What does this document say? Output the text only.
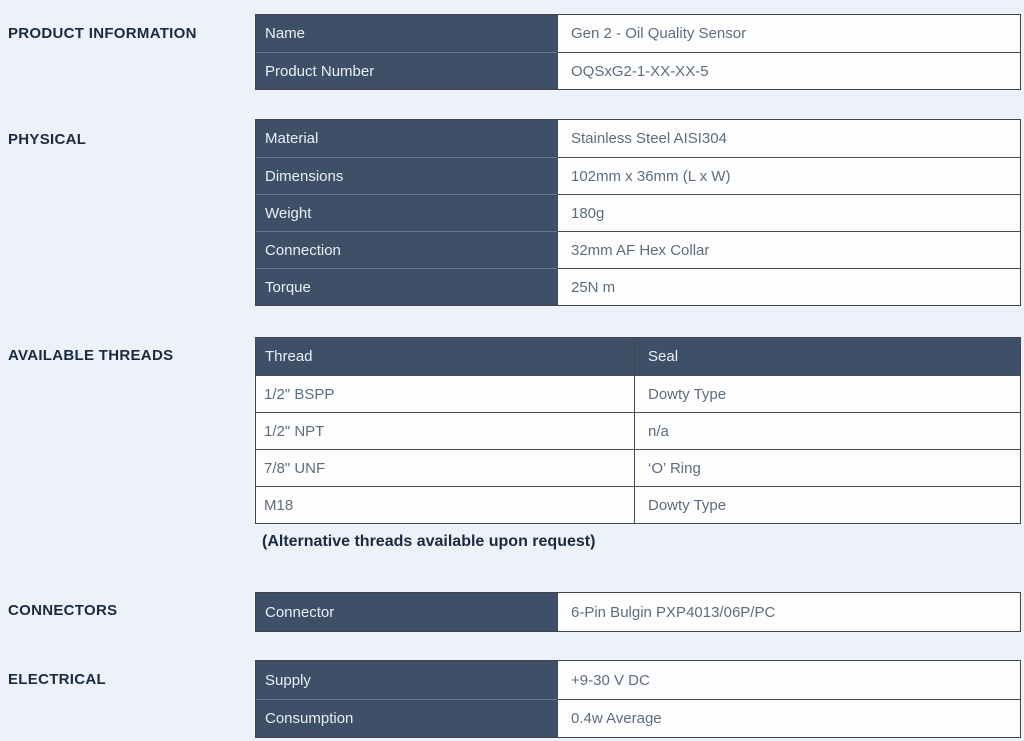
PRODUCT INFORMATION
PHYSICAL
AVAILABLE THREADS
CONNECTORS
ELECTRICAL
Name	Gen 2 - Oil Quality Sensor
Product Number	OQSxG2-1-XX-XX-5
Material	Stainless Steel AISI304
Dimensions	102mm x 36mm (L x W)
Weight	180g
Connection	32mm AF Hex Collar
Torque	25N m
Thread	Seal
1/2" BSPP	Dowty Type
1/2" NPT	n/a
7/8" UNF	‘O’ Ring
M18	Dowty Type
(Alternative threads available upon request)
Connector	6-Pin Bulgin PXP4013/06P/PC
Supply	+9-30 V DC
Consumption	0.4w Average
